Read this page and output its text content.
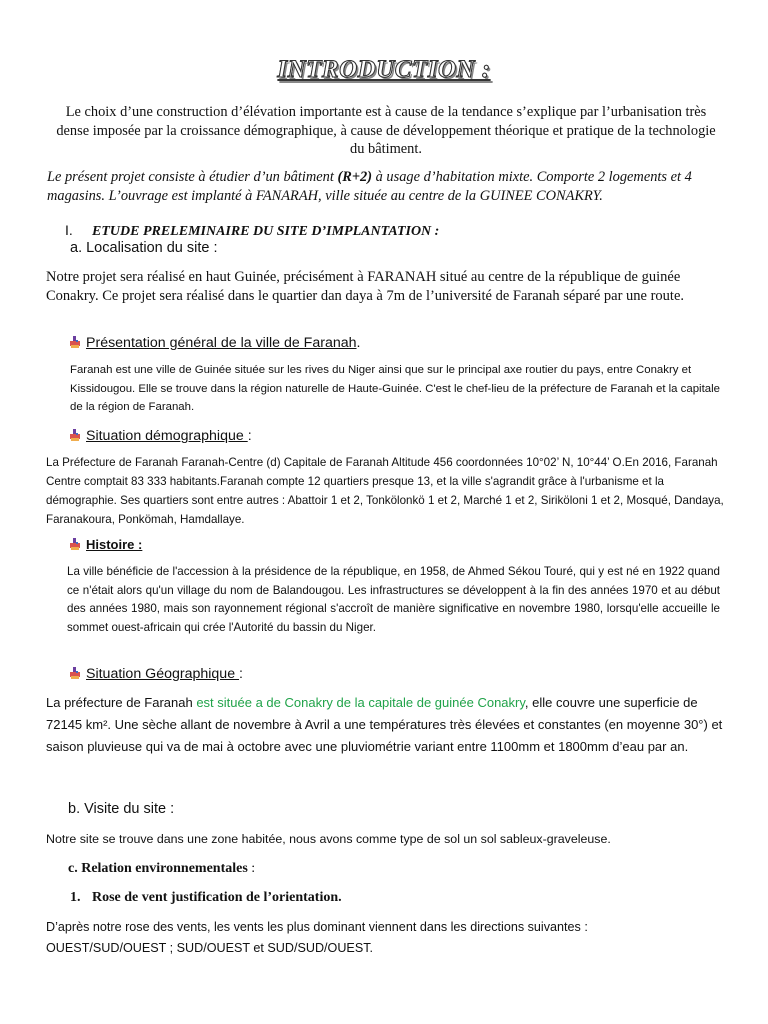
INTRODUCTION :
Le choix d’une construction d’élévation importante est à cause de la tendance s’explique par l’urbanisation très dense imposée par la croissance démographique, à cause de développement théorique et pratique de la technologie du bâtiment.
Le présent projet consiste à étudier d’un bâtiment (R+2) à usage d’habitation mixte. Comporte 2 logements et 4 magasins. L’ouvrage est implanté à FANARAH, ville située au centre de la GUINEE CONAKRY.
I. ETUDE PRELEMINAIRE DU SITE D’IMPLANTATION :
a. Localisation du site :
Notre projet sera réalisé en haut Guinée, précisément à FARANAH situé au centre de la république de guinée Conakry. Ce projet sera réalisé dans le quartier dan daya à 7m de l’université de Faranah séparé par une route.
Présentation général de la ville de Faranah.
Faranah est une ville de Guinée située sur les rives du Niger ainsi que sur le principal axe routier du pays, entre Conakry et Kissidougou. Elle se trouve dans la région naturelle de Haute-Guinée. C'est le chef-lieu de la préfecture de Faranah et la capitale de la région de Faranah.
Situation démographique :
La Préfecture de Faranah Faranah-Centre (d) Capitale de Faranah Altitude 456 coordonnées 10°02’ N, 10°44’ O.En 2016, Faranah Centre comptait 83 333 habitants.Faranah compte 12 quartiers presque 13, et la ville s'agrandit grâce à l'urbanisme et la démographie. Ses quartiers sont entre autres : Abattoir 1 et 2, Tonkölonkö 1 et 2, Marché 1 et 2, Siriköloni 1 et 2, Mosqué, Dandaya, Faranakoura, Ponkömah, Hamdallaye.
Histoire :
La ville bénéficie de l'accession à la présidence de la république, en 1958, de Ahmed Sékou Touré, qui y est né en 1922 quand ce n'était alors qu'un village du nom de Balandougou. Les infrastructures se développent à la fin des années 1970 et au début des années 1980, mais son rayonnement régional s'accroît de manière significative en novembre 1980, lorsqu'elle accueille le sommet ouest-africain qui crée l'Autorité du bassin du Niger.
Situation Géographique :
La préfecture de Faranah est située a de Conakry de la capitale de guinée Conakry, elle couvre une superficie de 72145 km². Une sèche allant de novembre à Avril a une températures très élevées et constantes (en moyenne 30°) et saison pluvieuse qui va de mai à octobre avec une pluviométrie variant entre 1100mm et 1800mm d’eau par an.
b. Visite du site :
Notre site se trouve dans une zone habitée, nous avons comme type de sol un sol sableux-graveleuse.
c. Relation environnementales :
1. Rose de vent justification de l’orientation.
D’après notre rose des vents, les vents les plus dominant viennent dans les directions suivantes :
OUEST/SUD/OUEST ; SUD/OUEST et SUD/SUD/OUEST.
